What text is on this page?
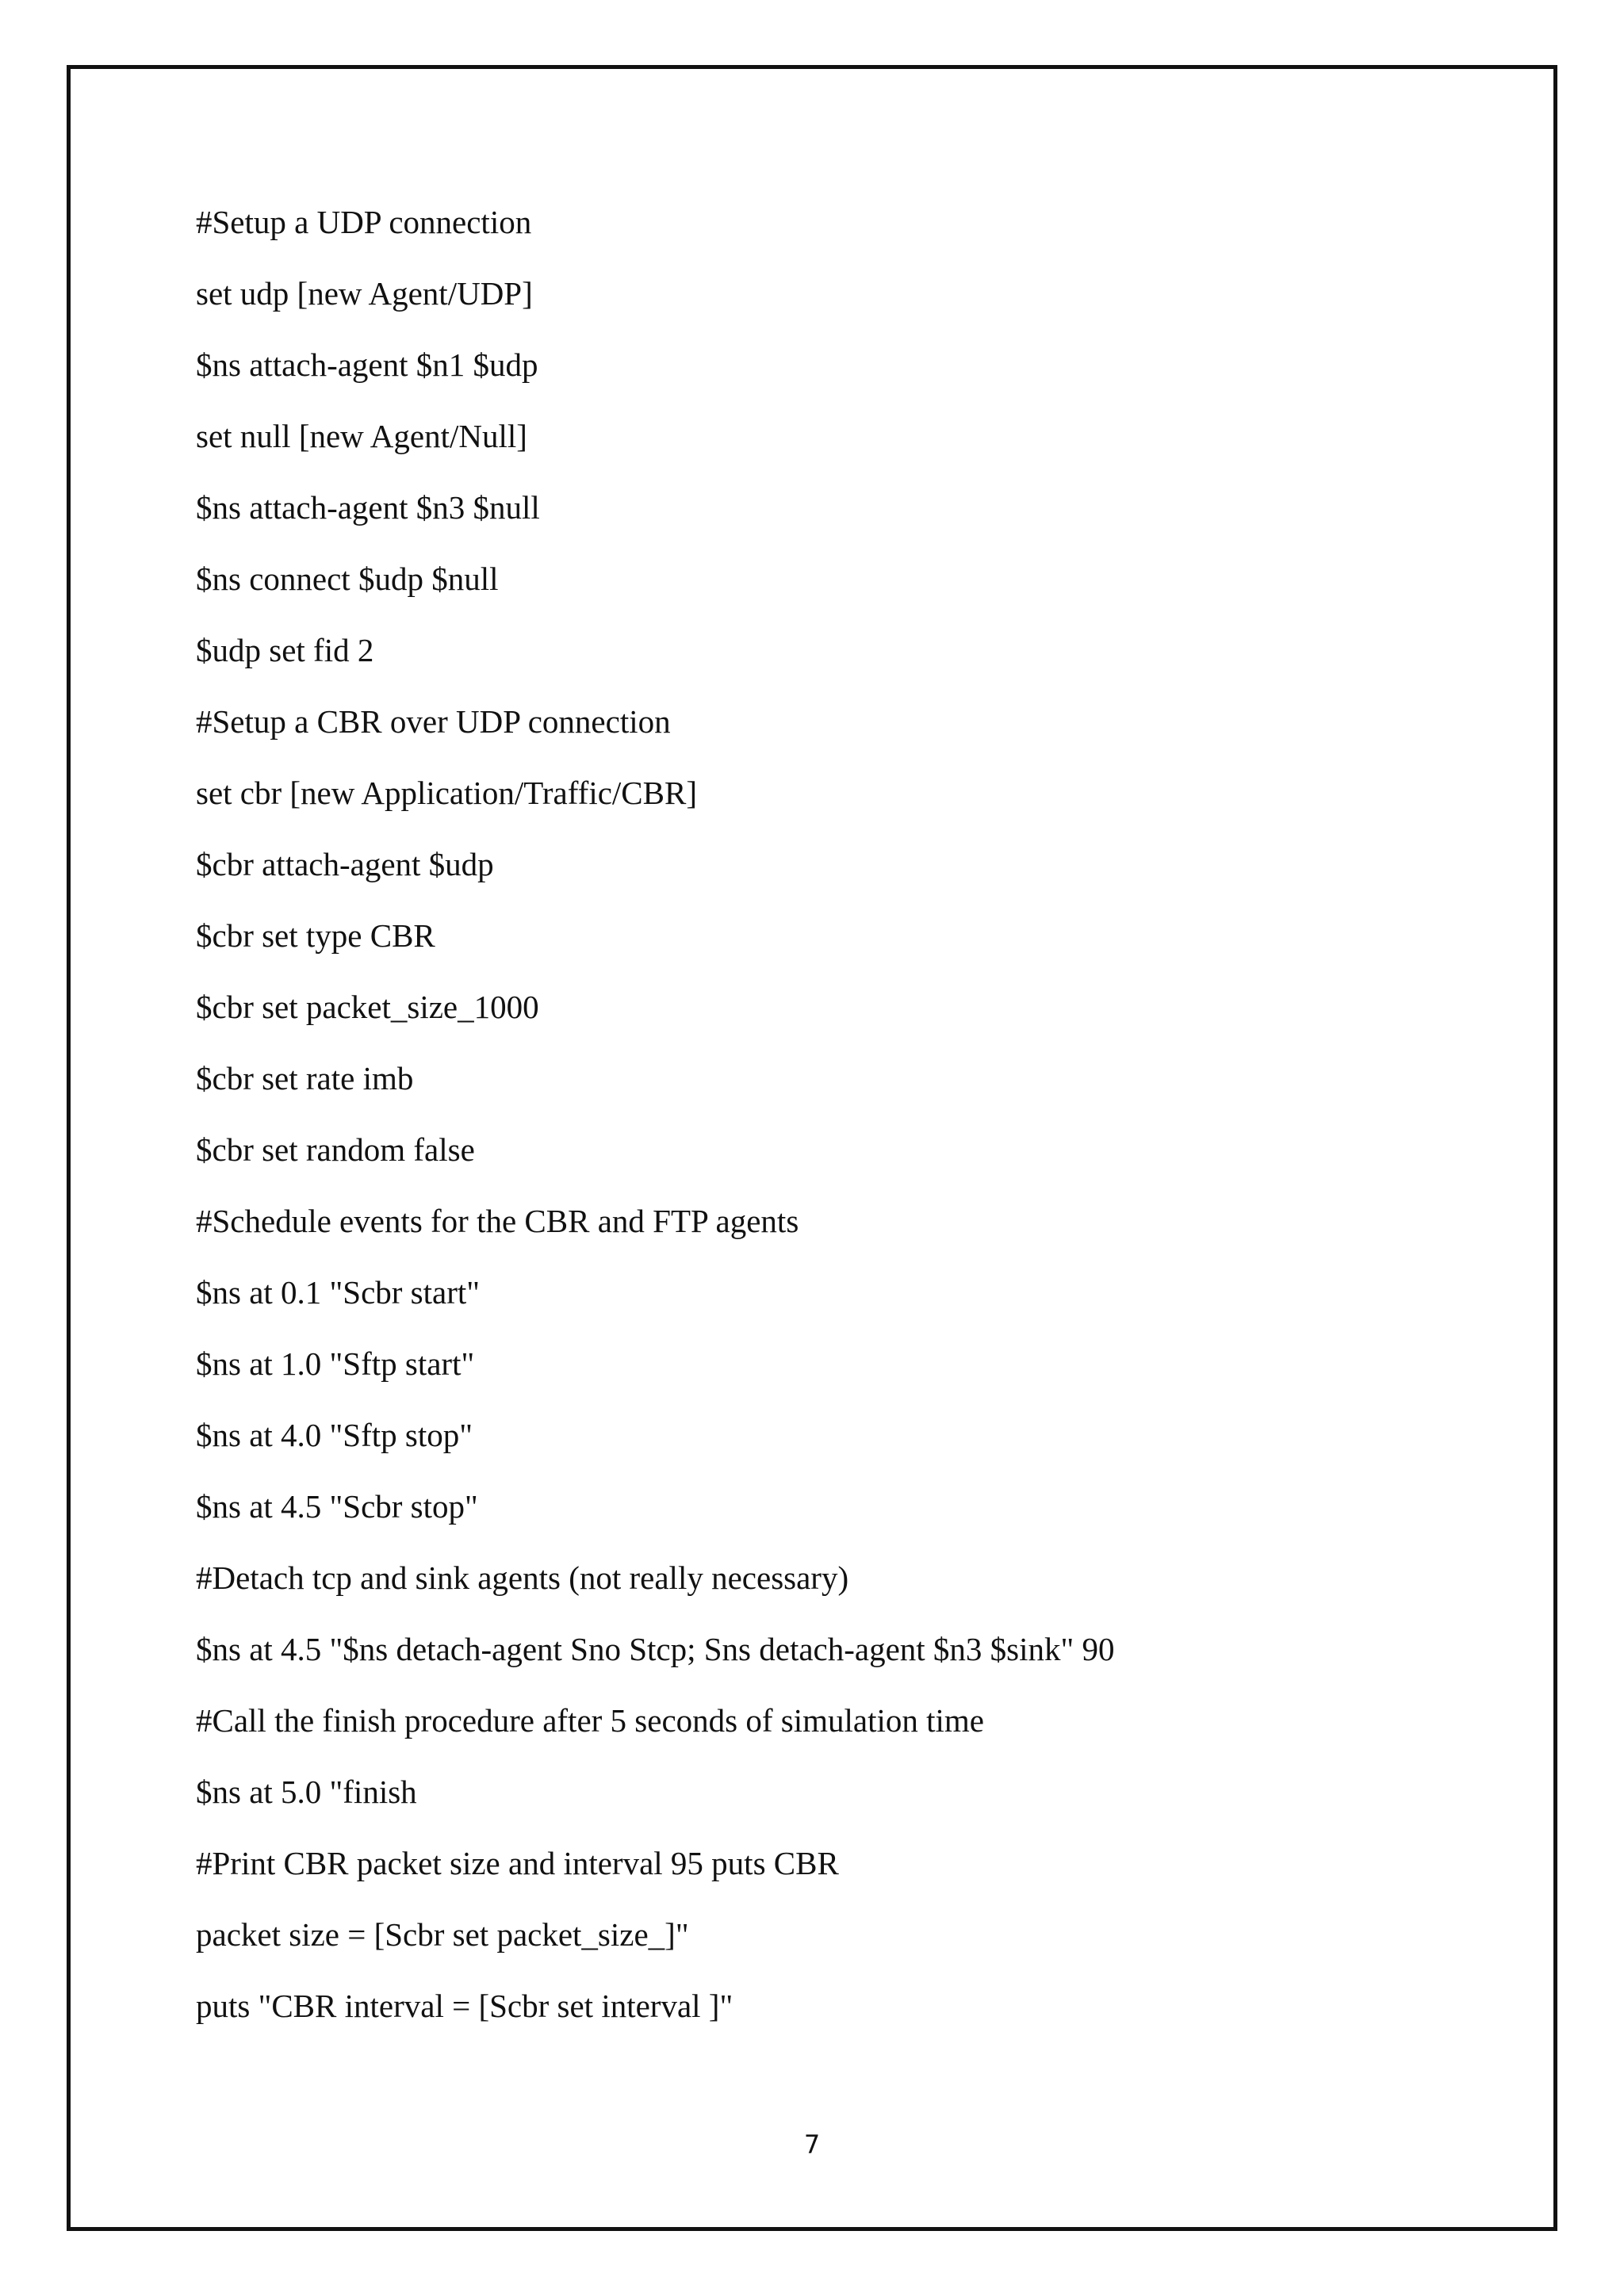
#Setup a UDP connection
set udp [new Agent/UDP]
$ns attach-agent $n1 $udp
set null [new Agent/Null]
$ns attach-agent $n3 $null
$ns connect $udp $null
$udp set fid 2
#Setup a CBR over UDP connection
set cbr [new Application/Traffic/CBR]
$cbr attach-agent $udp
$cbr set type CBR
$cbr set packet_size_1000
$cbr set rate imb
$cbr set random false
#Schedule events for the CBR and FTP agents
$ns at 0.1 "Scbr start"
$ns at 1.0 "Sftp start"
$ns at 4.0 "Sftp stop"
$ns at 4.5 "Scbr stop"
#Detach tcp and sink agents (not really necessary)
$ns at 4.5 "$ns detach-agent Sno Stcp; Sns detach-agent $n3 $sink" 90
#Call the finish procedure after 5 seconds of simulation time
$ns at 5.0 "finish
#Print CBR packet size and interval 95 puts CBR
packet size = [Scbr set packet_size_]"
puts "CBR interval = [Scbr set interval ]"
7
